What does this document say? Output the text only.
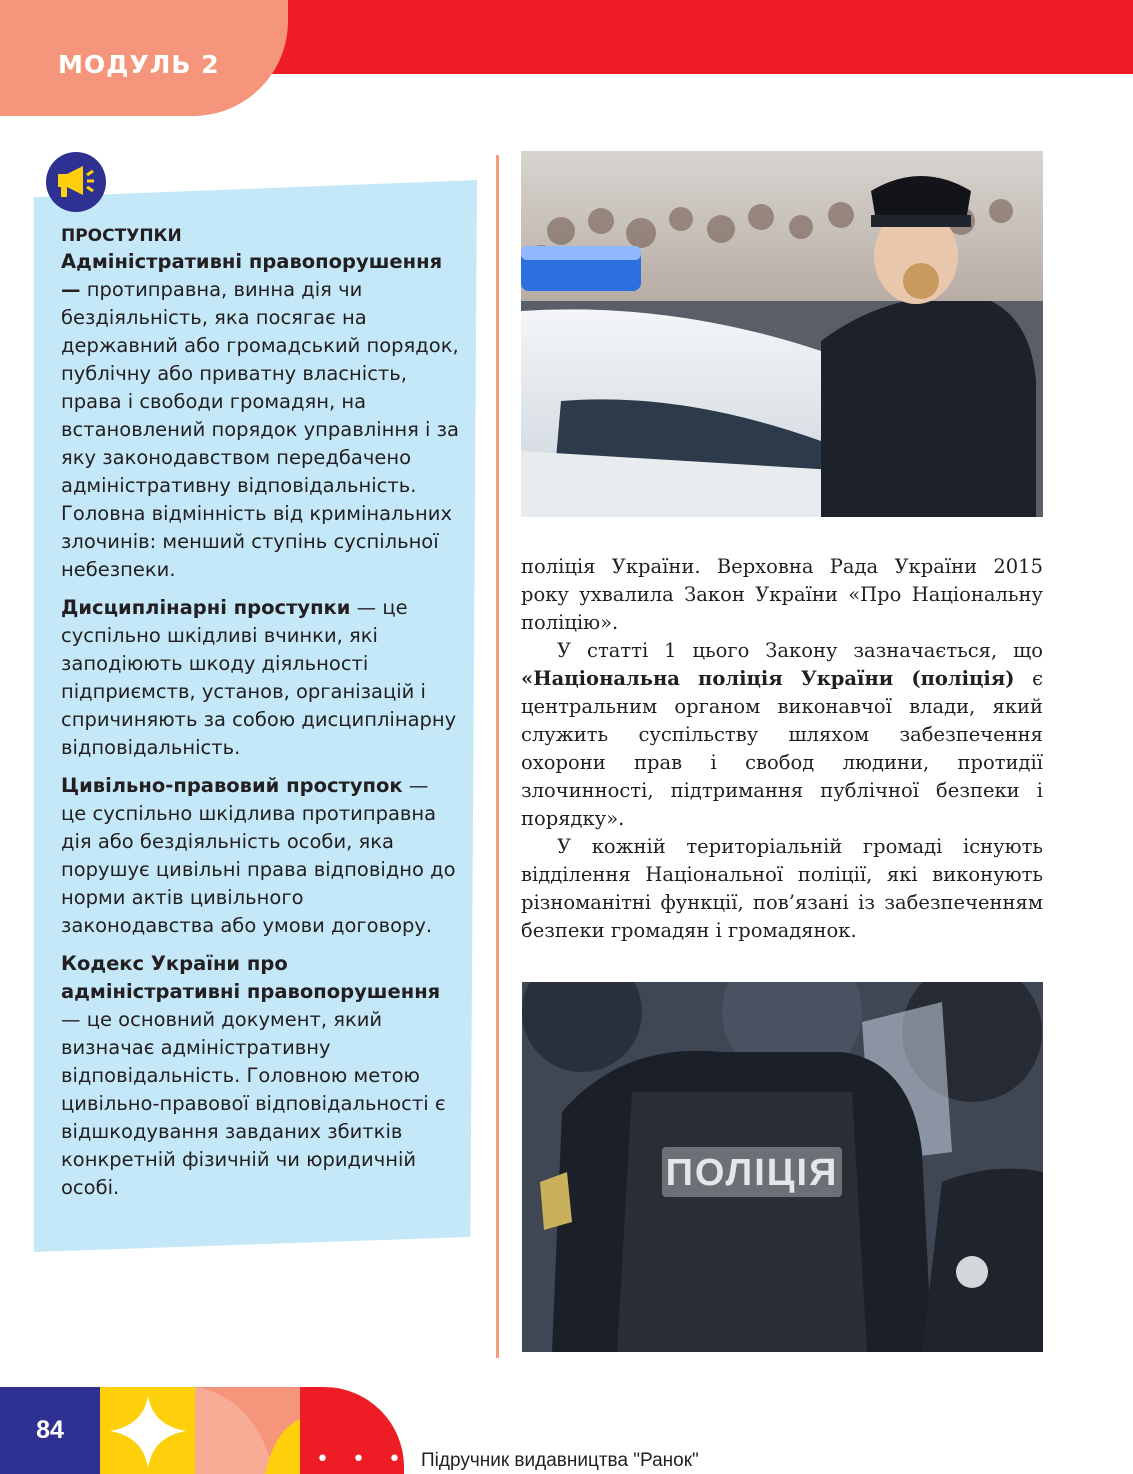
МОДУЛЬ 2

ПРОСТУПКИ

Адміністративні правопорушення — протиправна, винна дія чи бездіяльність, яка посягає на державний або громадський порядок, публічну або приватну власність, права і свободи громадян, на встановлений порядок управління і за яку законодавством передбачено адміністративну відповідальність. Головна відмінність від кримінальних злочинів: менший ступінь суспільної небезпеки.

Дисциплінарні проступки — це суспільно шкідливі вчинки, які заподіюють шкоду діяльності підприємств, установ, організацій і спричиняють за собою дисциплінарну відповідальність.

Цивільно-правовий проступок — це суспільно шкідлива протиправна дія або бездіяльність особи, яка порушує цивільні права відповідно до норми актів цивільного законодавства або умови договору.

Кодекс України про адміністративні правопорушення — це основний документ, який визначає адміністративну відповідальність. Головною метою цивільно-правової відповідальності є відшкодування завданих збитків конкретній фізичній чи юридичній особі.

поліція України. Верховна Рада України 2015 року ухвалила Закон України «Про Національну поліцію».

У статті 1 цього Закону зазначається, що «Національна поліція України (поліція) є центральним органом виконавчої влади, який служить суспільству шляхом забезпечення охорони прав і свобод людини, протидії злочинності, підтримання публічної безпеки і порядку».

У кожній територіальній громаді існують відділення Національної поліції, які виконують різноманітні функції, пов’язані із забезпеченням безпеки громадян і громадянок.

ПОЛІЦІЯ
84
• • • •
Підручник видавництва "Ранок"
